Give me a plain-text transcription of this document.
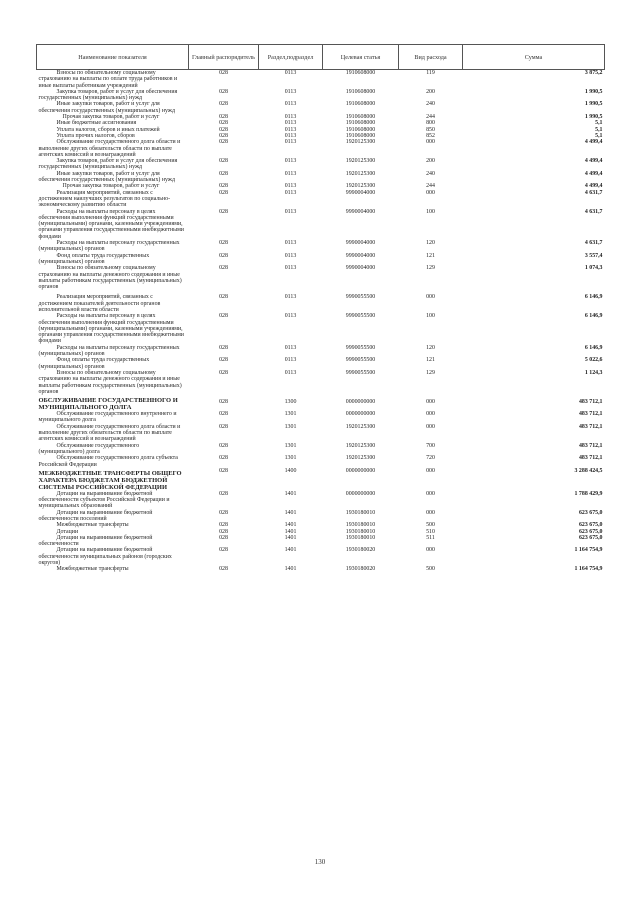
Наименование показателя	Главный распорядитель	Раздел,подраздел	Целевая статья	Вид расхода	Сумма
Взносы по обязательному социальному страхованию на выплаты по оплате труда работников и иные выплаты работникам учреждений	028	0113	1910608000	119	3 875,2
Закупка товаров, работ и услуг для обеспечения государственных (муниципальных) нужд	028	0113	1910608000	200	1 990,5
Иные закупки товаров, работ и услуг для обеспечения государственных (муниципальных) нужд	028	0113	1910608000	240	1 990,5
Прочая закупка товаров, работ и услуг	028	0113	1910608000	244	1 990,5
Иные бюджетные ассигнования	028	0113	1910608000	800	5,1
Уплата налогов, сборов и иных платежей	028	0113	1910608000	850	5,1
Уплата прочих налогов, сборов	028	0113	1910608000	852	5,1
Обслуживание государственного долга области и выполнение других обязательств области по выплате агентских комиссий и вознаграждений	028	0113	1920125300	000	4 499,4
Закупка товаров, работ и услуг для обеспечения государственных (муниципальных) нужд	028	0113	1920125300	200	4 499,4
Иные закупки товаров, работ и услуг для обеспечения государственных (муниципальных) нужд	028	0113	1920125300	240	4 499,4
Прочая закупка товаров, работ и услуг	028	0113	1920125300	244	4 499,4
Реализация мероприятий, связанных с достижением наилучших результатов по социально-экономическому развитию области	028	0113	9990004000	000	4 631,7
Расходы на выплаты персоналу в целях обеспечения выполнения функций государственными (муниципальными) органами, казенными учреждениями, органами управления государственными внебюджетными фондами	028	0113	9990004000	100	4 631,7
Расходы на выплаты персоналу государственных (муниципальных) органов	028	0113	9990004000	120	4 631,7
Фонд оплаты труда государственных (муниципальных) органов	028	0113	9990004000	121	3 557,4
Взносы по обязательному социальному страхованию на выплаты денежного содержания и иные выплаты работникам государственных (муниципальных) органов	028	0113	9990004000	129	1 074,3
Реализация мероприятий, связанных с достижением показателей деятельности органов исполнительной власти области	028	0113	9990055500	000	6 146,9
Расходы на выплаты персоналу в целях обеспечения выполнения функций государственными (муниципальными) органами, казенными учреждениями, органами управления государственными внебюджетными фондами	028	0113	9990055500	100	6 146,9
Расходы на выплаты персоналу государственных (муниципальных) органов	028	0113	9990055500	120	6 146,9
Фонд оплаты труда государственных (муниципальных) органов	028	0113	9990055500	121	5 022,6
Взносы по обязательному социальному страхованию на выплаты денежного содержания и иные выплаты работникам государственных (муниципальных) органов	028	0113	9990055500	129	1 124,3
ОБСЛУЖИВАНИЕ ГОСУДАРСТВЕННОГО И МУНИЦИПАЛЬНОГО ДОЛГА	028	1300	0000000000	000	483 712,1
Обслуживание государственного внутреннего и муниципального долга	028	1301	0000000000	000	483 712,1
Обслуживание государственного долга области и выполнение других обязательств области по выплате агентских комиссий и вознаграждений	028	1301	1920125300	000	483 712,1
Обслуживание государственного (муниципального) долга	028	1301	1920125300	700	483 712,1
Обслуживание государственного долга субъекта Российской Федерации	028	1301	1920125300	720	483 712,1
МЕЖБЮДЖЕТНЫЕ ТРАНСФЕРТЫ ОБЩЕГО ХАРАКТЕРА БЮДЖЕТАМ БЮДЖЕТНОЙ СИСТЕМЫ РОССИЙСКОЙ ФЕДЕРАЦИИ	028	1400	0000000000	000	3 288 424,5
Дотации на выравнивание бюджетной обеспеченности субъектов Российской Федерации и муниципальных образований	028	1401	0000000000	000	1 788 429,9
Дотации на выравнивание бюджетной обеспеченности поселений	028	1401	1930180010	000	623 675,0
Межбюджетные трансферты	028	1401	1930180010	500	623 675,0
Дотации	028	1401	1930180010	510	623 675,0
Дотации на выравнивание бюджетной обеспеченности	028	1401	1930180010	511	623 675,0
Дотации на выравнивание бюджетной обеспеченности муниципальных районов (городских округов)	028	1401	1930180020	000	1 164 754,9
Межбюджетные трансферты	028	1401	1930180020	500	1 164 754,9
130
